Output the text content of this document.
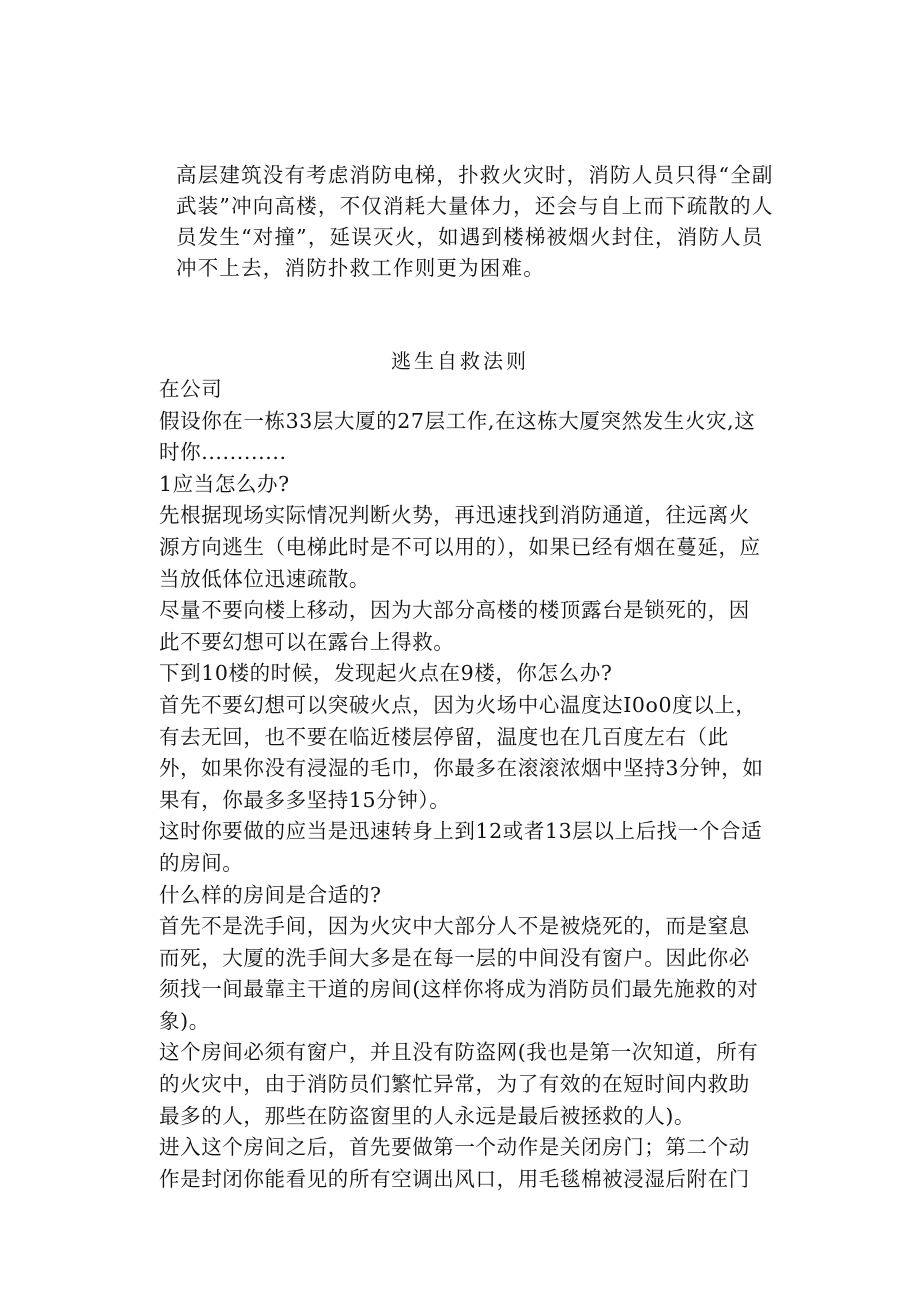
高层建筑没有考虑消防电梯，扑救火灾时，消防人员只得“全副武装”冲向高楼，不仅消耗大量体力，还会与自上而下疏散的人员发生“对撞”，延误灭火，如遇到楼梯被烟火封住，消防人员冲不上去，消防扑救工作则更为困难。

逃生自救法则

在公司

假设你在一栋33层大厦的27层工作,在这栋大厦突然发生火灾,这时你............

1应当怎么办?

先根据现场实际情况判断火势，再迅速找到消防通道，往远离火源方向逃生（电梯此时是不可以用的），如果已经有烟在蔓延，应当放低体位迅速疏散。

尽量不要向楼上移动，因为大部分高楼的楼顶露台是锁死的，因此不要幻想可以在露台上得救。

下到10楼的时候，发现起火点在9楼，你怎么办?

首先不要幻想可以突破火点，因为火场中心温度达I0o0度以上，有去无回，也不要在临近楼层停留，温度也在几百度左右（此外，如果你没有浸湿的毛巾，你最多在滚滚浓烟中坚持3分钟，如果有，你最多多坚持15分钟）。

这时你要做的应当是迅速转身上到12或者13层以上后找一个合适的房间。

什么样的房间是合适的?

首先不是洗手间，因为火灾中大部分人不是被烧死的，而是窒息而死，大厦的洗手间大多是在每一层的中间没有窗户。因此你必须找一间最靠主干道的房间(这样你将成为消防员们最先施救的对象)。

这个房间必须有窗户，并且没有防盗网(我也是第一次知道，所有的火灾中，由于消防员们繁忙异常，为了有效的在短时间内救助最多的人，那些在防盗窗里的人永远是最后被拯救的人)。

进入这个房间之后，首先要做第一个动作是关闭房门；第二个动作是封闭你能看见的所有空调出风口，用毛毯棉被浸湿后附在门
